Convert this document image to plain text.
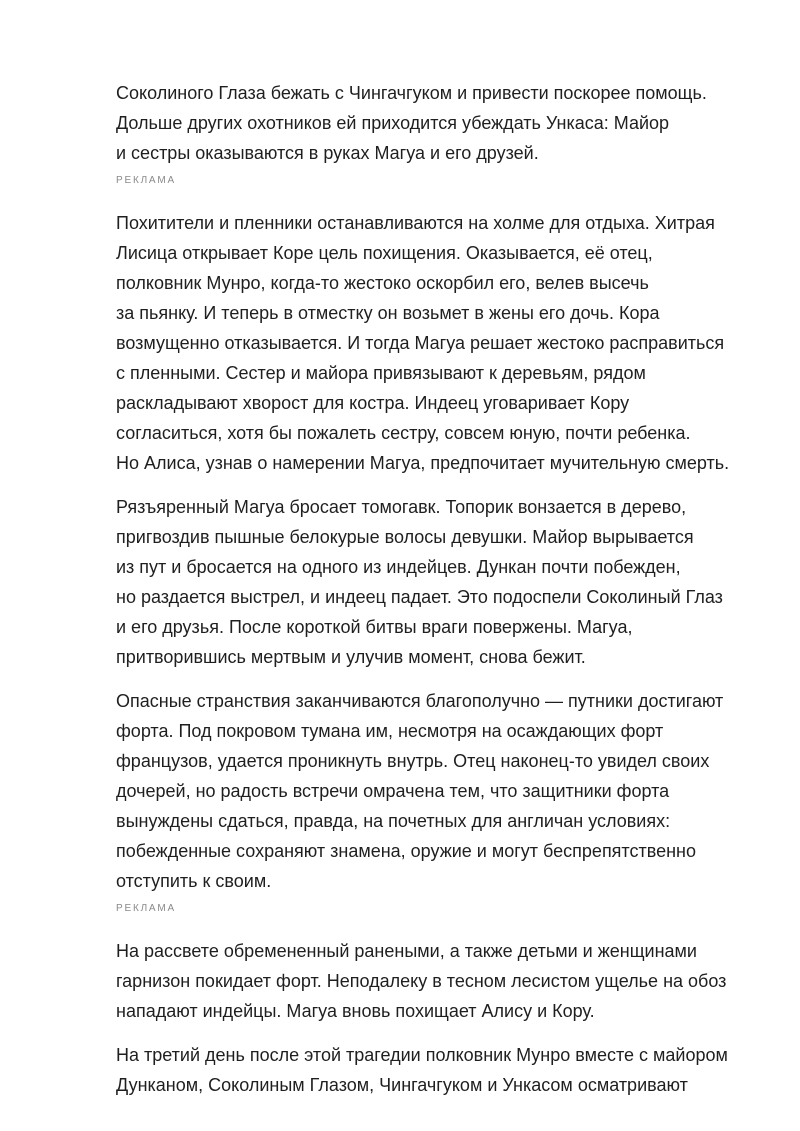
Соколиного Глаза бежать с Чингачгуком и привести поскорее помощь.
Дольше других охотников ей приходится убеждать Ункаса: Майор
и сестры оказываются в руках Магуа и его друзей.

РЕКЛАМА

Похитители и пленники останавливаются на холме для отдыха. Хитрая
Лисица открывает Коре цель похищения. Оказывается, её отец,
полковник Мунро, когда-то жестоко оскорбил его, велев высечь
за пьянку. И теперь в отместку он возьмет в жены его дочь. Кора
возмущенно отказывается. И тогда Магуа решает жестоко расправиться
с пленными. Сестер и майора привязывают к деревьям, рядом
раскладывают хворост для костра. Индеец уговаривает Кору
согласиться, хотя бы пожалеть сестру, совсем юную, почти ребенка.
Но Алиса, узнав о намерении Магуа, предпочитает мучительную смерть.

Рязъяренный Магуа бросает томогавк. Топорик вонзается в дерево,
пригвоздив пышные белокурые волосы девушки. Майор вырывается
из пут и бросается на одного из индейцев. Дункан почти побежден,
но раздается выстрел, и индеец падает. Это подоспели Соколиный Глаз
и его друзья. После короткой битвы враги повержены. Магуа,
притворившись мертвым и улучив момент, снова бежит.

Опасные странствия заканчиваются благополучно — путники достигают
форта. Под покровом тумана им, несмотря на осаждающих форт
французов, удается проникнуть внутрь. Отец наконец-то увидел своих
дочерей, но радость встречи омрачена тем, что защитники форта
вынуждены сдаться, правда, на почетных для англичан условиях:
побежденные сохраняют знамена, оружие и могут беспрепятственно
отступить к своим.

РЕКЛАМА

На рассвете обремененный ранеными, а также детьми и женщинами
гарнизон покидает форт. Неподалеку в тесном лесистом ущелье на обоз
нападают индейцы. Магуа вновь похищает Алису и Кору.

На третий день после этой трагедии полковник Мунро вместе с майором
Дунканом, Соколиным Глазом, Чингачгуком и Ункасом осматривают
